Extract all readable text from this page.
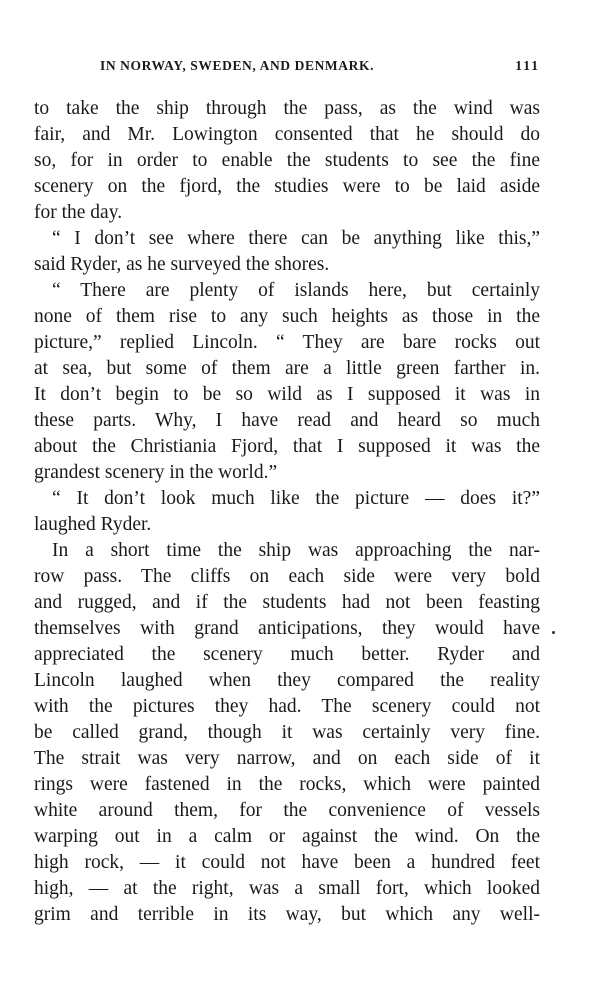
IN NORWAY, SWEDEN, AND DENMARK.	111
to take the ship through the pass, as the wind was
fair, and Mr. Lowington consented that he should do
so, for in order to enable the students to see the fine
scenery on the fjord, the studies were to be laid aside
for the day.
“ I don’t see where there can be anything like this,”
said Ryder, as he surveyed the shores.
“ There are plenty of islands here, but certainly
none of them rise to any such heights as those in the
picture,” replied Lincoln. “ They are bare rocks out
at sea, but some of them are a little green farther in.
It don’t begin to be so wild as I supposed it was in
these parts. Why, I have read and heard so much
about the Christiania Fjord, that I supposed it was the
grandest scenery in the world.”
“ It don’t look much like the picture — does it?”
laughed Ryder.
In a short time the ship was approaching the nar-
row pass. The cliffs on each side were very bold
and rugged, and if the students had not been feasting
themselves with grand anticipations, they would have
appreciated the scenery much better. Ryder and
Lincoln laughed when they compared the reality
with the pictures they had. The scenery could not
be called grand, though it was certainly very fine.
The strait was very narrow, and on each side of it
rings were fastened in the rocks, which were painted
white around them, for the convenience of vessels
warping out in a calm or against the wind. On the
high rock, — it could not have been a hundred feet
high, — at the right, was a small fort, which looked
grim and terrible in its way, but which any well-
